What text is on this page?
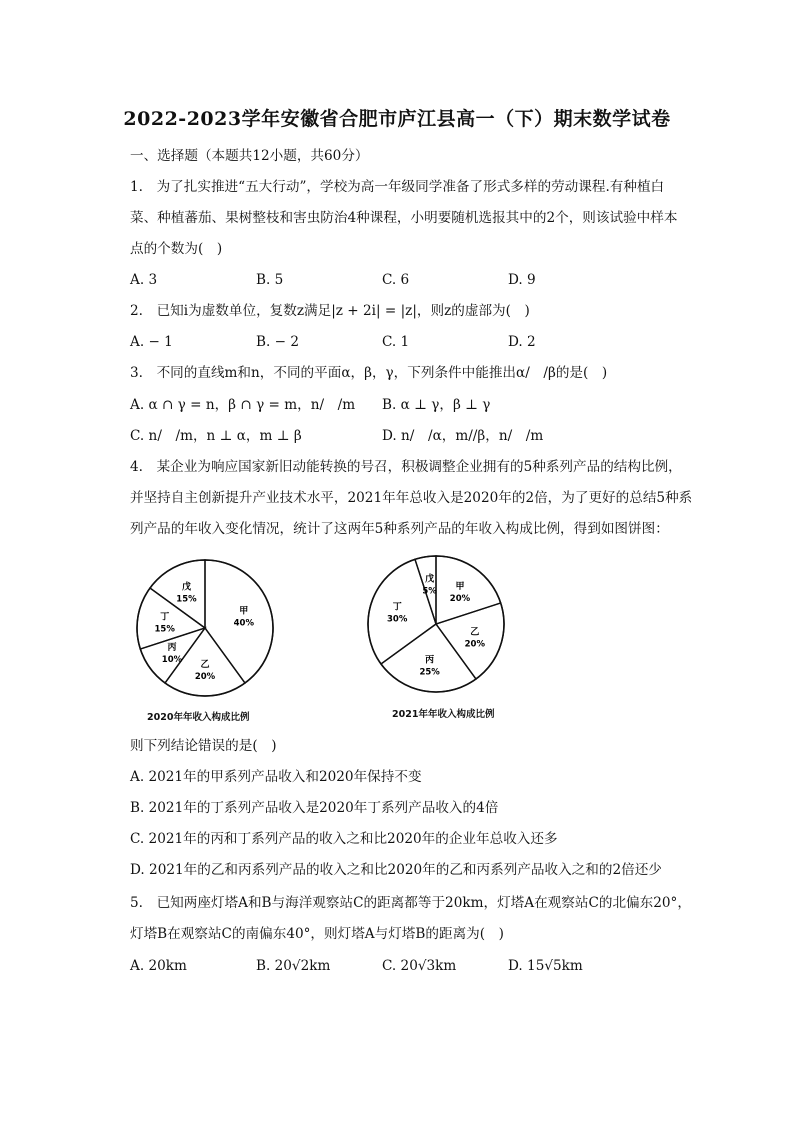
2022-2023学年安徽省合肥市庐江县高一（下）期末数学试卷
一、选择题（本题共12小题，共60分）
1.　为了扎实推进“五大行动”，学校为高一年级同学准备了形式多样的劳动课程.有种植白
菜、种植蕃茄、果树整枝和害虫防治4种课程，小明要随机选报其中的2个，则该试验中样本
点的个数为(　)
A. 3	B. 5	C. 6	D. 9
2.　已知i为虚数单位，复数z满足|z + 2i| = |z|，则z的虚部为(　)
A. − 1	B. − 2	C. 1	D. 2
3.　不同的直线m和n，不同的平面α，β，γ，下列条件中能推出α/　/β的是(　)
A. α ∩ γ = n，β ∩ γ = m，n/　/m B. α ⊥ γ，β ⊥ γ
C. n/　/m，n ⊥ α，m ⊥ β	D. n/　/α，m//β，n/　/m
4.　某企业为响应国家新旧动能转换的号召，积极调整企业拥有的5种系列产品的结构比例，
并坚持自主创新提升产业技术水平，2021年年总收入是2020年的2倍，为了更好的总结5种系
列产品的年收入变化情况，统计了这两年5种系列产品的年收入构成比例，得到如图饼图：
甲
40%
乙
20%
丙
10%
丁
15%
戊
15%
2020年年收入构成比例
甲
20%
乙
20%
丙
25%
丁
30%
戊
5%
2021年年收入构成比例
则下列结论错误的是(　)
A. 2021年的甲系列产品收入和2020年保持不变
B. 2021年的丁系列产品收入是2020年丁系列产品收入的4倍
C. 2021年的丙和丁系列产品的收入之和比2020年的企业年总收入还多
D. 2021年的乙和丙系列产品的收入之和比2020年的乙和丙系列产品收入之和的2倍还少
5.　已知两座灯塔A和B与海洋观察站C的距离都等于20km，灯塔A在观察站C的北偏东20°，
灯塔B在观察站C的南偏东40°，则灯塔A与灯塔B的距离为(　)
A. 20km	B. 20√2km	C. 20√3km	D. 15√5km
